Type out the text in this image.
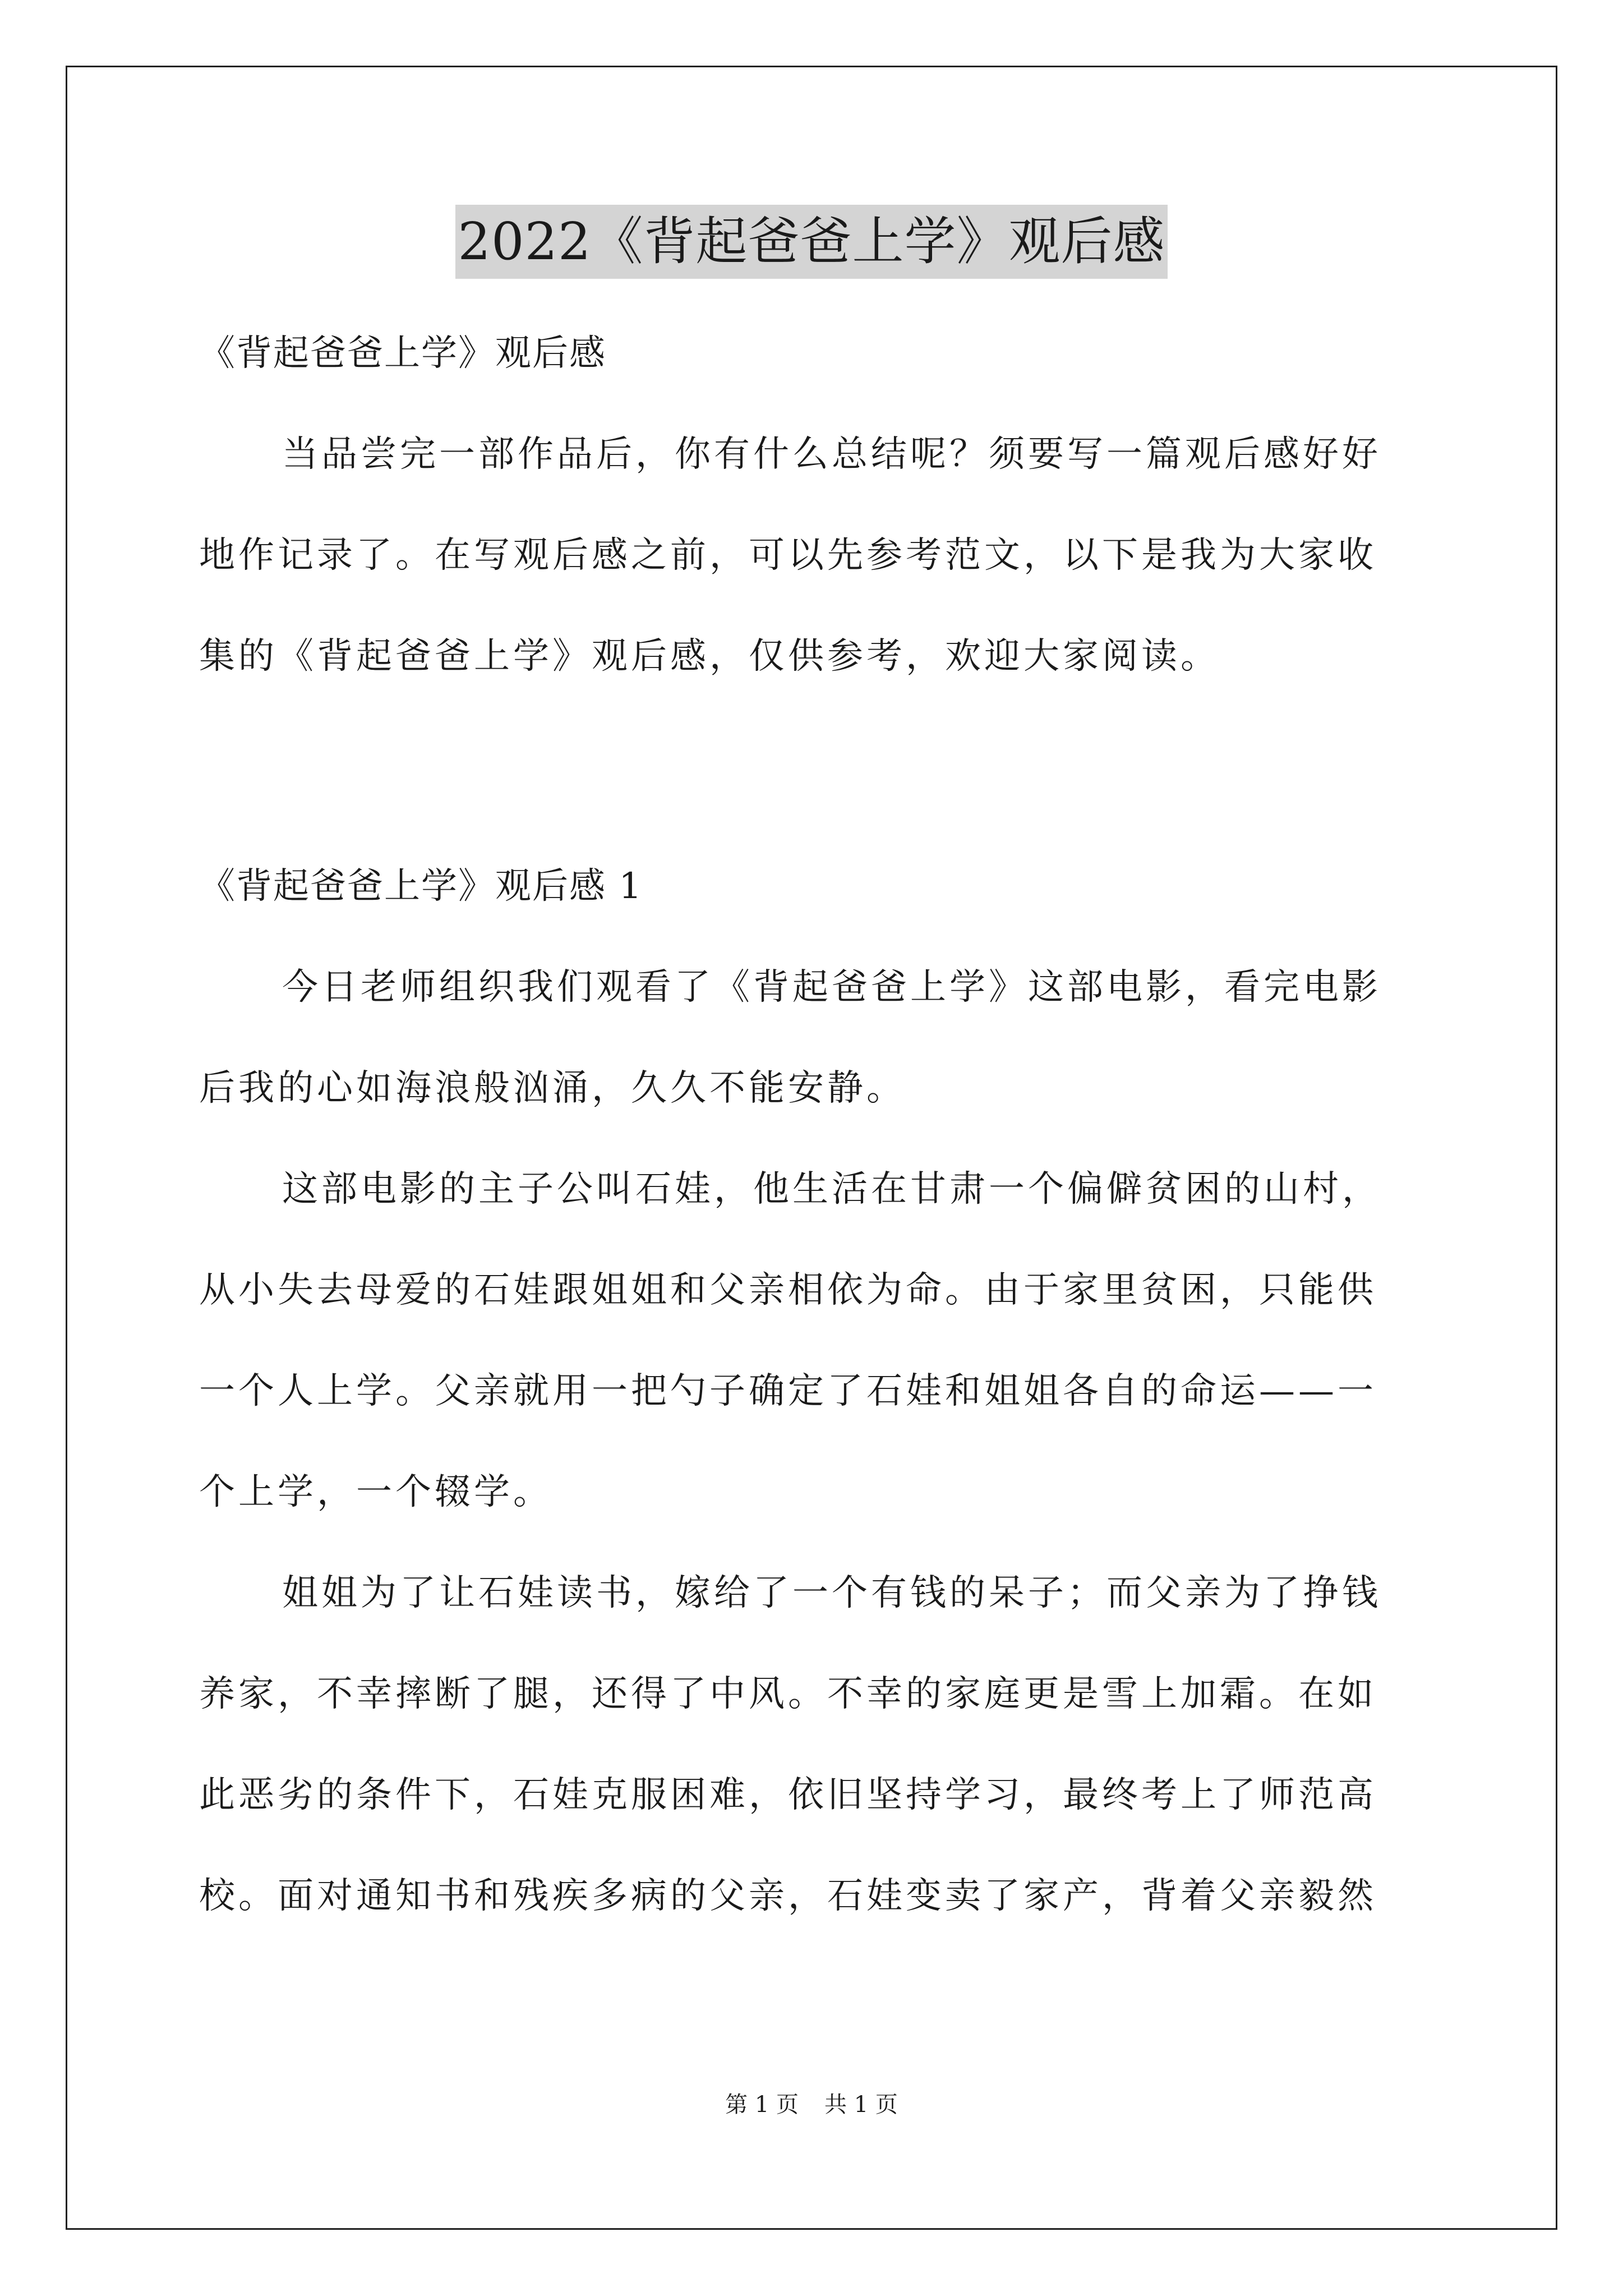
2022《背起爸爸上学》观后感
《背起爸爸上学》观后感
当品尝完一部作品后，你有什么总结呢？须要写一篇观后感好好
地作记录了。在写观后感之前，可以先参考范文，以下是我为大家收
集的《背起爸爸上学》观后感，仅供参考，欢迎大家阅读。
《背起爸爸上学》观后感 1
今日老师组织我们观看了《背起爸爸上学》这部电影，看完电影
后我的心如海浪般汹涌，久久不能安静。
这部电影的主子公叫石娃，他生活在甘肃一个偏僻贫困的山村，
从小失去母爱的石娃跟姐姐和父亲相依为命。由于家里贫困，只能供
一个人上学。父亲就用一把勺子确定了石娃和姐姐各自的命运——一
个上学，一个辍学。
姐姐为了让石娃读书，嫁给了一个有钱的呆子；而父亲为了挣钱
养家，不幸摔断了腿，还得了中风。不幸的家庭更是雪上加霜。在如
此恶劣的条件下，石娃克服困难，依旧坚持学习，最终考上了师范高
校。面对通知书和残疾多病的父亲，石娃变卖了家产，背着父亲毅然
第 1 页 共 1 页
